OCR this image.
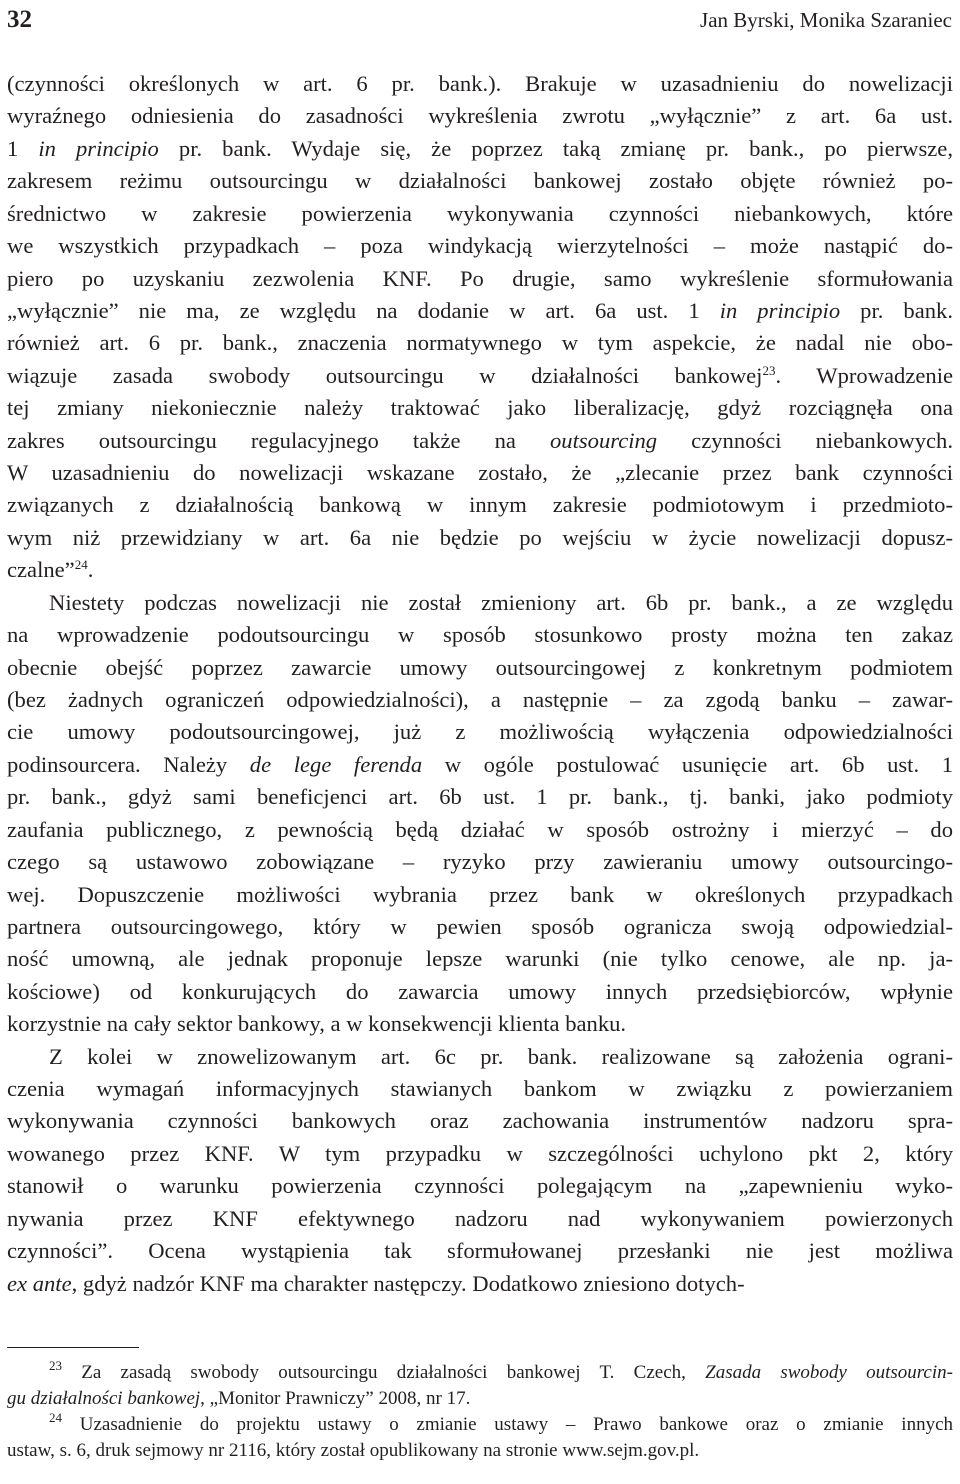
32	Jan Byrski, Monika Szaraniec
(czynności określonych w art. 6 pr. bank.). Brakuje w uzasadnieniu do nowelizacji
wyraźnego odniesienia do zasadności wykreślenia zwrotu „wyłącznie” z art. 6a ust.
1 in principio pr. bank. Wydaje się, że poprzez taką zmianę pr. bank., po pierwsze,
zakresem reżimu outsourcingu w działalności bankowej zostało objęte również po-
średnictwo w zakresie powierzenia wykonywania czynności niebankowych, które
we wszystkich przypadkach – poza windykacją wierzytelności – może nastąpić do-
piero po uzyskaniu zezwolenia KNF. Po drugie, samo wykreślenie sformułowania
„wyłącznie” nie ma, ze względu na dodanie w art. 6a ust. 1 in principio pr. bank.
również art. 6 pr. bank., znaczenia normatywnego w tym aspekcie, że nadal nie obo-
wiązuje zasada swobody outsourcingu w działalności bankowej$^{23}$. Wprowadzenie
tej zmiany niekoniecznie należy traktować jako liberalizację, gdyż rozciągnęła ona
zakres outsourcingu regulacyjnego także na outsourcing czynności niebankowych.
W uzasadnieniu do nowelizacji wskazane zostało, że „zlecanie przez bank czynności
związanych z działalnością bankową w innym zakresie podmiotowym i przedmioto-
wym niż przewidziany w art. 6a nie będzie po wejściu w życie nowelizacji dopusz-
czalne”$^{24}$.
Niestety podczas nowelizacji nie został zmieniony art. 6b pr. bank., a ze względu
na wprowadzenie podoutsourcingu w sposób stosunkowo prosty można ten zakaz
obecnie obejść poprzez zawarcie umowy outsourcingowej z konkretnym podmiotem
(bez żadnych ograniczeń odpowiedzialności), a następnie – za zgodą banku – zawar-
cie umowy podoutsourcingowej, już z możliwością wyłączenia odpowiedzialności
podinsourcera. Należy de lege ferenda w ogóle postulować usunięcie art. 6b ust. 1
pr. bank., gdyż sami beneficjenci art. 6b ust. 1 pr. bank., tj. banki, jako podmioty
zaufania publicznego, z pewnością będą działać w sposób ostrożny i mierzyć – do
czego są ustawowo zobowiązane – ryzyko przy zawieraniu umowy outsourcingo-
wej. Dopuszczenie możliwości wybrania przez bank w określonych przypadkach
partnera outsourcingowego, który w pewien sposób ogranicza swoją odpowiedzial-
ność umowną, ale jednak proponuje lepsze warunki (nie tylko cenowe, ale np. ja-
kościowe) od konkurujących do zawarcia umowy innych przedsiębiorców, wpłynie
korzystnie na cały sektor bankowy, a w konsekwencji klienta banku.
Z kolei w znowelizowanym art. 6c pr. bank. realizowane są założenia ograni-
czenia wymagań informacyjnych stawianych bankom w związku z powierzaniem
wykonywania czynności bankowych oraz zachowania instrumentów nadzoru spra-
wowanego przez KNF. W tym przypadku w szczególności uchylono pkt 2, który
stanowił o warunku powierzenia czynności polegającym na „zapewnieniu wyko-
nywania przez KNF efektywnego nadzoru nad wykonywaniem powierzonych
czynności”. Ocena wystąpienia tak sformułowanej przesłanki nie jest możliwa
ex ante, gdyż nadzór KNF ma charakter następczy. Dodatkowo zniesiono dotych-
$^{23}$ Za zasadą swobody outsourcingu działalności bankowej T. Czech, Zasada swobody outsourcin-
gu działalności bankowej, „Monitor Prawniczy” 2008, nr 17.
$^{24}$ Uzasadnienie do projektu ustawy o zmianie ustawy – Prawo bankowe oraz o zmianie innych
ustaw, s. 6, druk sejmowy nr 2116, który został opublikowany na stronie www.sejm.gov.pl.
